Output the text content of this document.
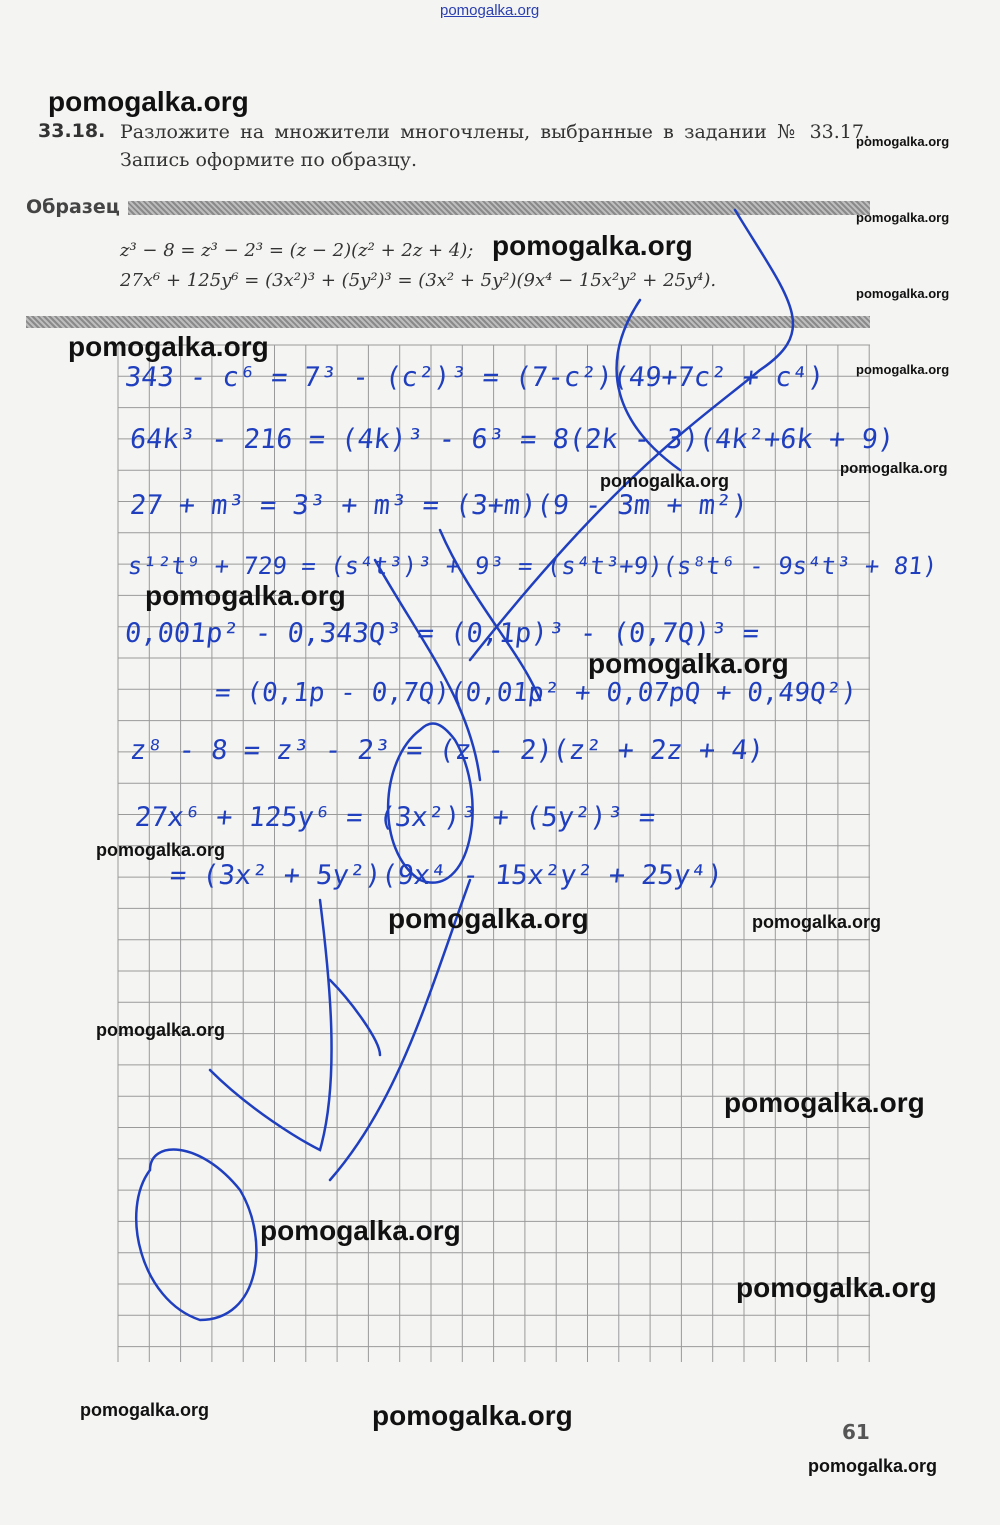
pomogalka.org
33.18. Разложите на множители многочлены, выбранные в задании № 33.17. Запись оформите по образцу.
Образец
z³ − 8 = z³ − 2³ = (z − 2)(z² + 2z + 4);
27x⁶ + 125y⁶ = (3x²)³ + (5y²)³ = (3x² + 5y²)(9x⁴ − 15x²y² + 25y⁴).
343 - c⁶ = 7³ - (c²)³ = (7-c²)(49+7c² + c⁴)
64k³ - 216 = (4k)³ - 6³ = 8(2k - 3)(4k²+6k + 9)
27 + m³ = 3³ + m³ = (3+m)(9 - 3m + m²)
s¹²t⁹ + 729 = (s⁴t³)³ + 9³ = (s⁴t³+9)(s⁸t⁶ - 9s⁴t³ + 81)
0,001p² - 0,343Q³ = (0,1p)³ - (0,7Q)³ =
= (0,1p - 0,7Q)(0,01p² + 0,07pQ + 0,49Q²)
z⁸ - 8 = z³ - 2³ = (z - 2)(z² + 2z + 4)
27x⁶ + 125y⁶ = (3x²)³ + (5y²)³ =
= (3x² + 5y²)(9x⁴ - 15x²y² + 25y⁴)
pomogalka.org
pomogalka.org
pomogalka.org
pomogalka.org
pomogalka.org
pomogalka.org
pomogalka.org
pomogalka.org
pomogalka.org
pomogalka.org
pomogalka.org
pomogalka.org
pomogalka.org	pomogalka.org
pomogalka.org
pomogalka.org
pomogalka.org
pomogalka.org
pomogalka.org	pomogalka.org
pomogalka.org
61
